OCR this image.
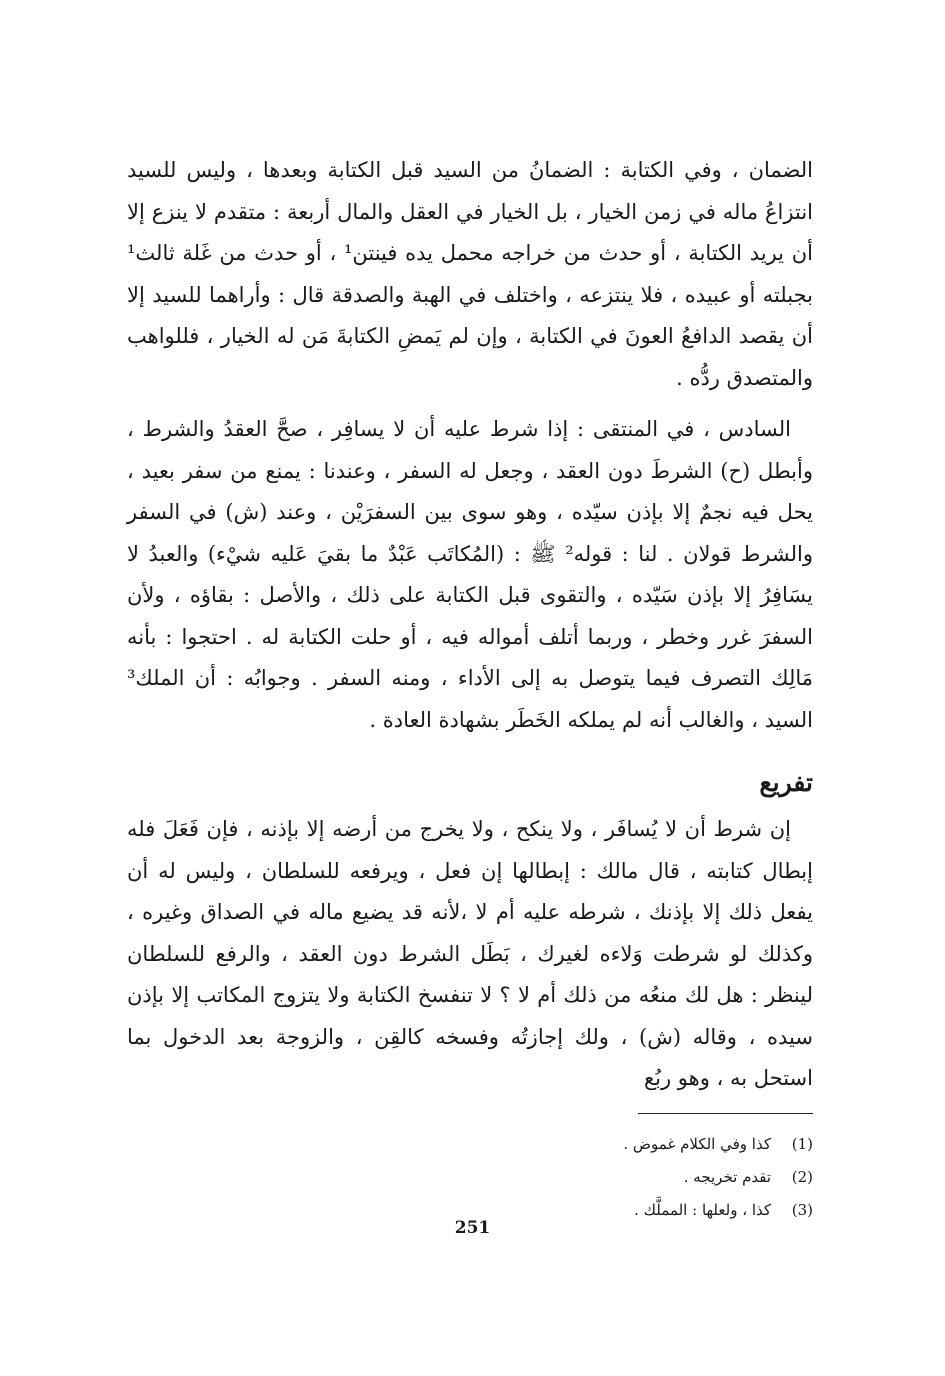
الضمان ، وفي الكتابة : الضمانُ من السيد قبل الكتابة وبعدها ، وليس للسيد انتزاعُ ماله في زمن الخيار ، بل الخيار في العقل والمال أربعة : متقدم لا ينزع إلا أن يريد الكتابة ، أو حدث من خراجه محمل يده فينتن¹ ، أو حدث من غَلة ثالث¹ بجبلته أو عبيده ، فلا ينتزعه ، واختلف في الهبة والصدقة قال : وأراهما للسيد إلا أن يقصد الدافعُ العونَ في الكتابة ، وإن لم يَمضِ الكتابةَ مَن له الخيار ، فللواهب والمتصدق ردُّه .

السادس ، في المنتقى : إذا شرط عليه أن لا يسافِر ، صحَّ العقدُ والشرط ، وأبطل (ح) الشرطَ دون العقد ، وجعل له السفر ، وعندنا : يمنع من سفر بعيد ، يحل فيه نجمٌ إلا بإذن سيّده ، وهو سوى بين السفرَيْن ، وعند (ش) في السفر والشرط قولان . لنا : قوله² ﷺ : (المُكاتَب عَبْدٌ ما بقيَ عَليه شيْء) والعبدُ لا يسَافِرُ إلا بإذن سَيّده ، والتقوى قبل الكتابة على ذلك ، والأصل : بقاؤه ، ولأن السفرَ غرر وخطر ، وربما أتلف أمواله فيه ، أو حلت الكتابة له . احتجوا : بأنه مَالِك التصرف فيما يتوصل به إلى الأداء ، ومنه السفر . وجوابُه : أن الملك³ السيد ، والغالب أنه لم يملكه الخَطَر بشهادة العادة .

تفريع

إن شرط أن لا يُسافَر ، ولا ينكح ، ولا يخرج من أرضه إلا بإذنه ، فإن فَعَلَ فله إبطال كتابته ، قال مالك : إبطالها إن فعل ، ويرفعه للسلطان ، وليس له أن يفعل ذلك إلا بإذنك ، شرطه عليه أم لا ،لأنه قد يضيع ماله في الصداق وغيره ، وكذلك لو شرطت وَلاءه لغيرك ، بَطَل الشرط دون العقد ، والرفع للسلطان لينظر : هل لك منعُه من ذلك أم لا ؟ لا تنفسخ الكتابة ولا يتزوج المكاتب إلا بإذن سيده ، وقاله (ش) ، ولك إجازتُه وفسخه كالقِن ، والزوجة بعد الدخول بما استحل به ، وهو ربُع

(1)
كذا وفي الكلام غموض .
(2)
تقدم تخريجه .
(3)
كذا ، ولعلها : المملَّك .
251
